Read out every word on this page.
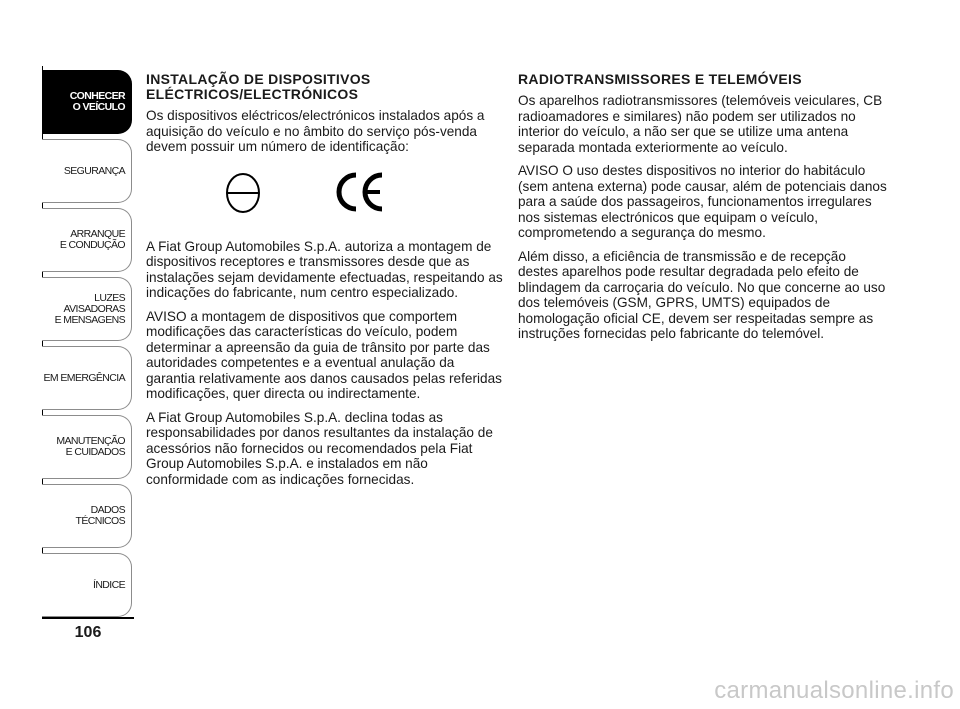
CONHECER
O VEÍCULO
SEGURANÇA
ARRANQUE
E CONDUÇÃO
LUZES
AVISADORAS
E MENSAGENS
EM EMERGÊNCIA
MANUTENÇÃO
E CUIDADOS
DADOS
TÉCNICOS
ÍNDICE
106
INSTALAÇÃO DE DISPOSITIVOS ELÉCTRICOS/ELECTRÓNICOS

Os dispositivos eléctricos/electrónicos instalados após a aquisição do veículo e no âmbito do serviço pós-venda devem possuir um número de identificação:

A Fiat Group Automobiles S.p.A. autoriza a montagem de dispositivos receptores e transmissores desde que as instalações sejam devidamente efectuadas, respeitando as indicações do fabricante, num centro especializado.

AVISO a montagem de dispositivos que comportem modificações das características do veículo, podem determinar a apreensão da guia de trânsito por parte das autoridades competentes e a eventual anulação da garantia relativamente aos danos causados pelas referidas modificações, quer directa ou indirectamente.

A Fiat Group Automobiles S.p.A. declina todas as responsabilidades por danos resultantes da instalação de acessórios não fornecidos ou recomendados pela Fiat Group Automobiles S.p.A. e instalados em não conformidade com as indicações fornecidas.

RADIOTRANSMISSORES E TELEMÓVEIS

Os aparelhos radiotransmissores (telemóveis veiculares, CB radioamadores e similares) não podem ser utilizados no interior do veículo, a não ser que se utilize uma antena separada montada exteriormente ao veículo.

AVISO O uso destes dispositivos no interior do habitáculo (sem antena externa) pode causar, além de potenciais danos para a saúde dos passageiros, funcionamentos irregulares nos sistemas electrónicos que equipam o veículo, comprometendo a segurança do mesmo.

Além disso, a eficiência de transmissão e de recepção destes aparelhos pode resultar degradada pelo efeito de blindagem da carroçaria do veículo. No que concerne ao uso dos telemóveis (GSM, GPRS, UMTS) equipados de homologação oficial CE, devem ser respeitadas sempre as instruções fornecidas pelo fabricante do telemóvel.

carmanualsonline.info
